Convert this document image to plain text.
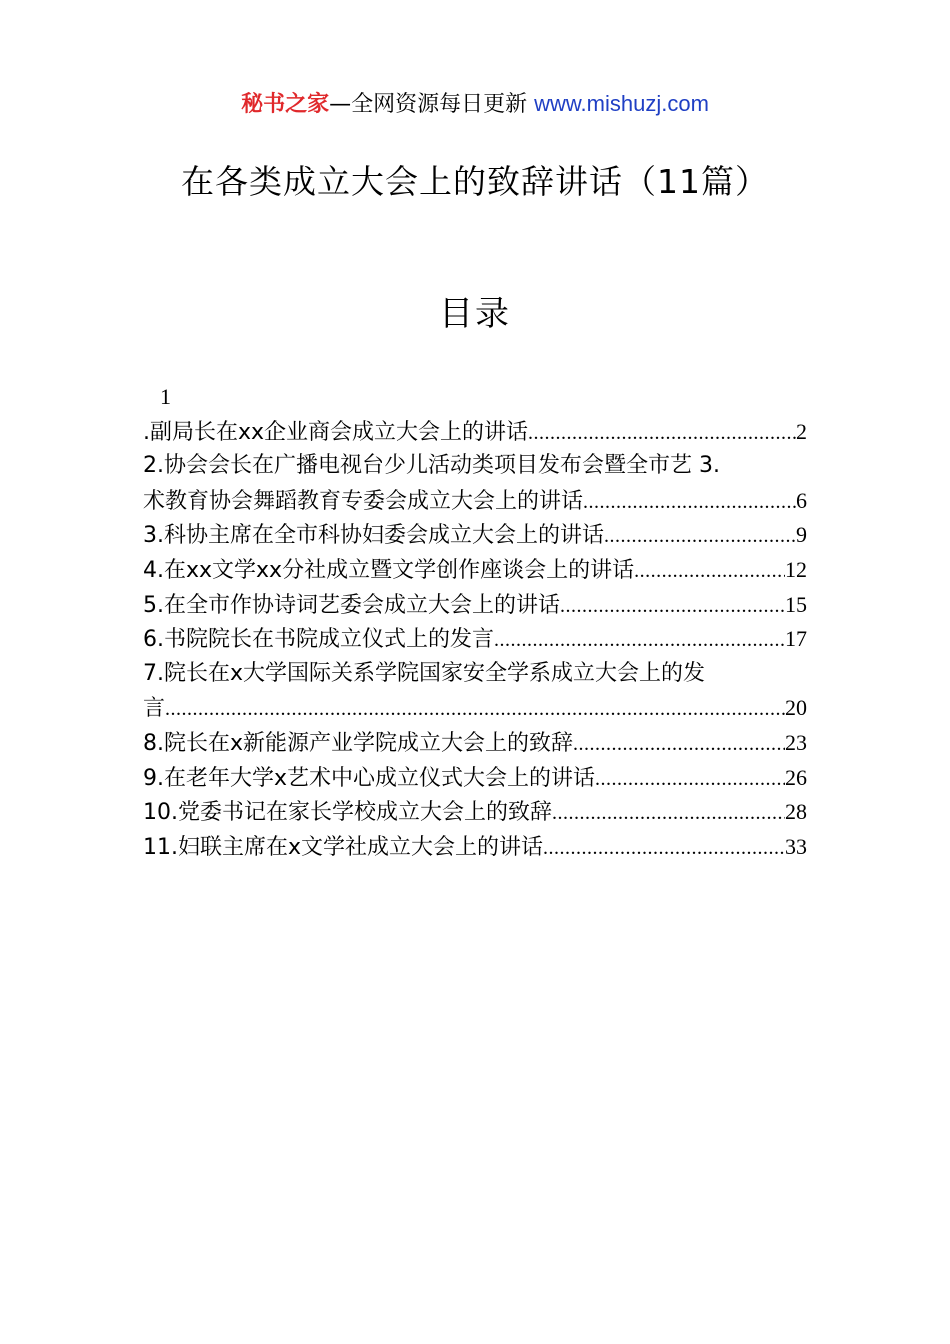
秘书之家—全网资源每日更新 www.mishuzj.com
在各类成立大会上的致辞讲话（11篇）
目录
1
.副局长在xx企业商会成立大会上的讲话 .....	2
2.协会会长在广播电视台少儿活动类项目发布会暨全市艺 3.
术教育协会舞蹈教育专委会成立大会上的讲话 .....	6
3.科协主席在全市科协妇委会成立大会上的讲话 .....	9
4.在xx文学xx分社成立暨文学创作座谈会上的讲话 .....	12
5.在全市作协诗词艺委会成立大会上的讲话 .....	15
6.书院院长在书院成立仪式上的发言 .....	17
7.院长在x大学国际关系学院国家安全学系成立大会上的发
言 .....	20
8.院长在x新能源产业学院成立大会上的致辞 .....	23
9.在老年大学x艺术中心成立仪式大会上的讲话 .....	26
10.党委书记在家长学校成立大会上的致辞 .....	28
11.妇联主席在x文学社成立大会上的讲话 .....	33
